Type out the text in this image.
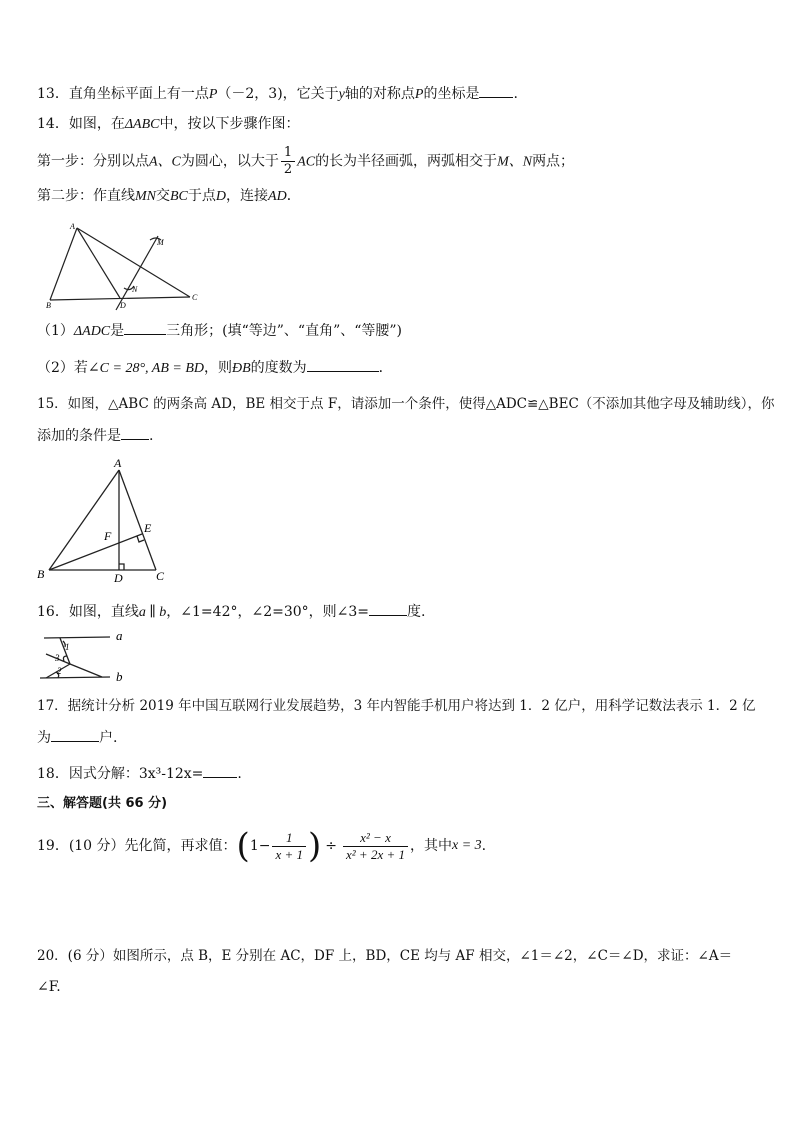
13．直角坐标平面上有一点P（－2，3)，它关于y轴的对称点P的坐标是 .
14．如图，在ΔABC中，按以下步骤作图：
第一步：分别以点A、C为圆心，以大于 $\frac{1}{2}$ AC的长为半径画弧，两弧相交于M、N两点；
第二步：作直线MN交BC于点D，连接AD．
A
M
N
B	D
C
（1）ΔADC是	三角形；(填“等边”、“直角”、“等腰”)
（2）若∠C = 28°, AB = BD，则ÐB的度数为	．
15．如图，△ABC 的两条高 AD，BE 相交于点 F，请添加一个条件，使得△ADC≌△BEC（不添加其他字母及辅助线），你
添加的条件是 .
A
E
F
B	D	C
16．如图，直线a ∥ b，∠1=42°，∠2=30°，则∠3=	度.
a
b
1
2
3
17．据统计分析 2019 年中国互联网行业发展趋势，3 年内智能手机用户将达到 1．2 亿户，用科学记数法表示 1．2 亿
为	户.
18．因式分解：3x³-12x= .
三、解答题(共 66 分)
19．(10 分）先化简，再求值：($1- \frac{1}{x + 1}$ ) ÷ $\frac{\text{x² − x}}{\text{x² + 2x + 1}}$ ，其中x = 3.
20．(6 分）如图所示，点 B，E 分别在 AC，DF 上，BD，CE 均与 AF 相交，∠1＝∠2，∠C＝∠D，求证：∠A＝
∠F.
